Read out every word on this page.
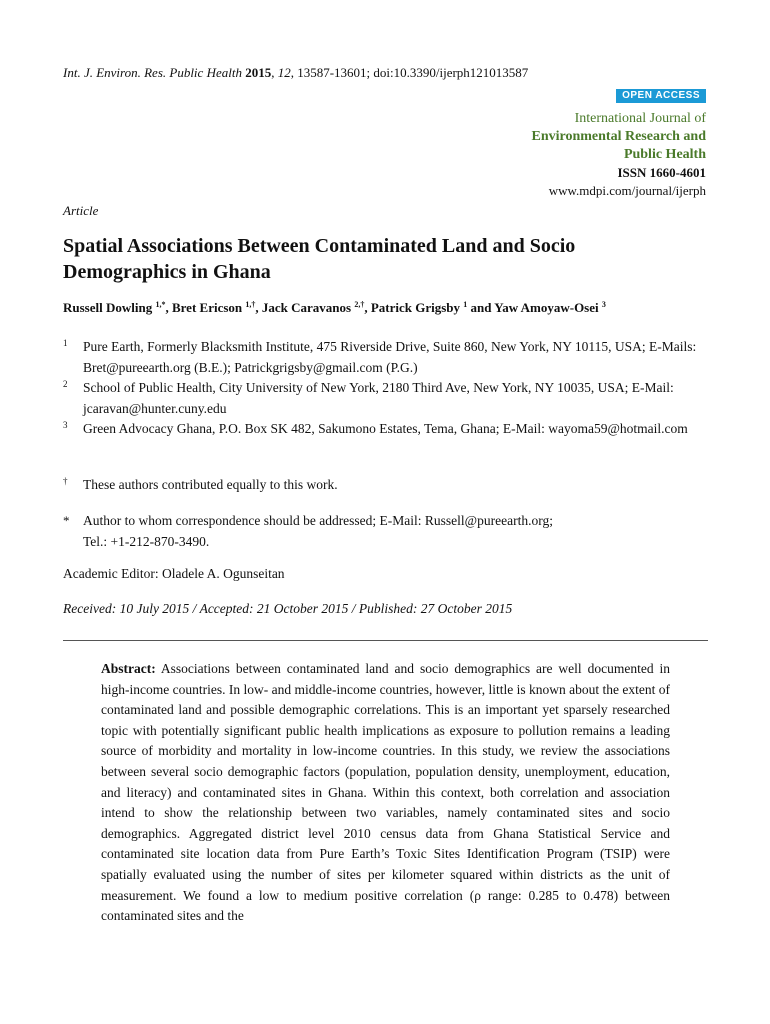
Int. J. Environ. Res. Public Health 2015, 12, 13587-13601; doi:10.3390/ijerph121013587
OPEN ACCESS
International Journal of
Environmental Research and
Public Health
ISSN 1660-4601
www.mdpi.com/journal/ijerph
Article
Spatial Associations Between Contaminated Land and Socio Demographics in Ghana
Russell Dowling $^{1,*}$, Bret Ericson $^{1,\dagger}$, Jack Caravanos $^{2,\dagger}$, Patrick Grigsby $^1$ and Yaw Amoyaw-Osei $^3$
1 Pure Earth, Formerly Blacksmith Institute, 475 Riverside Drive, Suite 860, New York, NY 10115, USA; E-Mails: Bret@pureearth.org (B.E.); Patrickgrigsby@gmail.com (P.G.)
2 School of Public Health, City University of New York, 2180 Third Ave, New York, NY 10035, USA; E-Mail: jcaravan@hunter.cuny.edu
3 Green Advocacy Ghana, P.O. Box SK 482, Sakumono Estates, Tema, Ghana; E-Mail: wayoma59@hotmail.com
† These authors contributed equally to this work.
* Author to whom correspondence should be addressed; E-Mail: Russell@pureearth.org;
Tel.: +1-212-870-3490.
Academic Editor: Oladele A. Ogunseitan
Received: 10 July 2015 / Accepted: 21 October 2015 / Published: 27 October 2015
Abstract: Associations between contaminated land and socio demographics are well documented in high-income countries. In low- and middle-income countries, however, little is known about the extent of contaminated land and possible demographic correlations. This is an important yet sparsely researched topic with potentially significant public health implications as exposure to pollution remains a leading source of morbidity and mortality in low-income countries. In this study, we review the associations between several socio demographic factors (population, population density, unemployment, education, and literacy) and contaminated sites in Ghana. Within this context, both correlation and association intend to show the relationship between two variables, namely contaminated sites and socio demographics. Aggregated district level 2010 census data from Ghana Statistical Service and contaminated site location data from Pure Earth’s Toxic Sites Identification Program (TSIP) were spatially evaluated using the number of sites per kilometer squared within districts as the unit of measurement. We found a low to medium positive correlation (ρ range: 0.285 to 0.478) between contaminated sites and the
